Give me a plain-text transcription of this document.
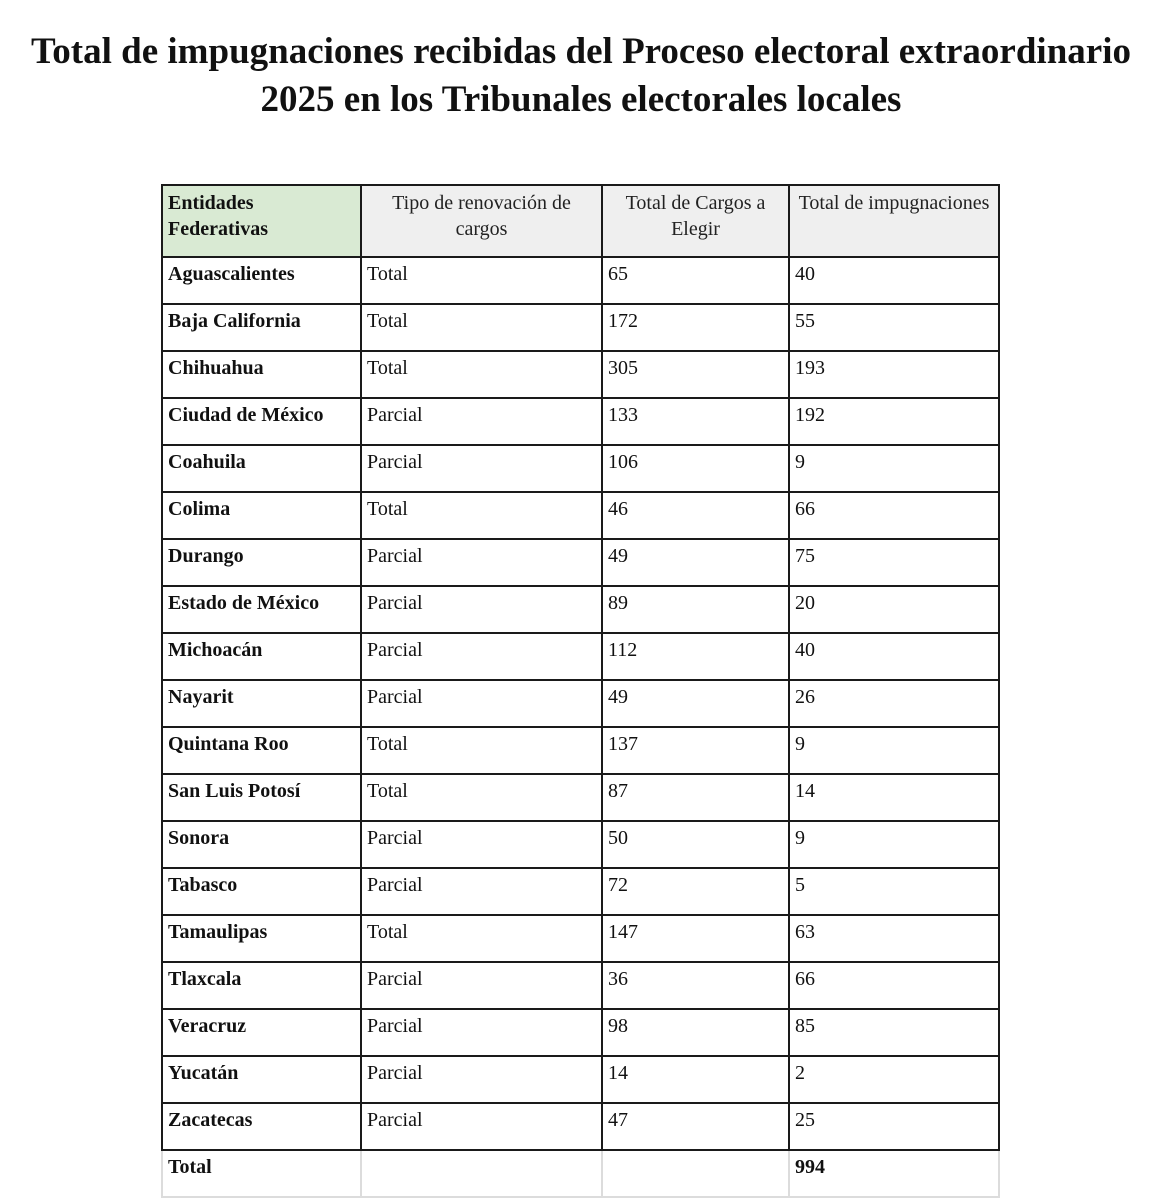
Total de impugnaciones recibidas del Proceso electoral extraordinario 2025 en los Tribunales electorales locales
Entidades Federativas	Tipo de renovación de cargos	Total de Cargos a Elegir	Total de impugnaciones
Aguascalientes	Total	65	40
Baja California	Total	172	55
Chihuahua	Total	305	193
Ciudad de México	Parcial	133	192
Coahuila	Parcial	106	9
Colima	Total	46	66
Durango	Parcial	49	75
Estado de México	Parcial	89	20
Michoacán	Parcial	112	40
Nayarit	Parcial	49	26
Quintana Roo	Total	137	9
San Luis Potosí	Total	87	14
Sonora	Parcial	50	9
Tabasco	Parcial	72	5
Tamaulipas	Total	147	63
Tlaxcala	Parcial	36	66
Veracruz	Parcial	98	85
Yucatán	Parcial	14	2
Zacatecas	Parcial	47	25
Total			994
